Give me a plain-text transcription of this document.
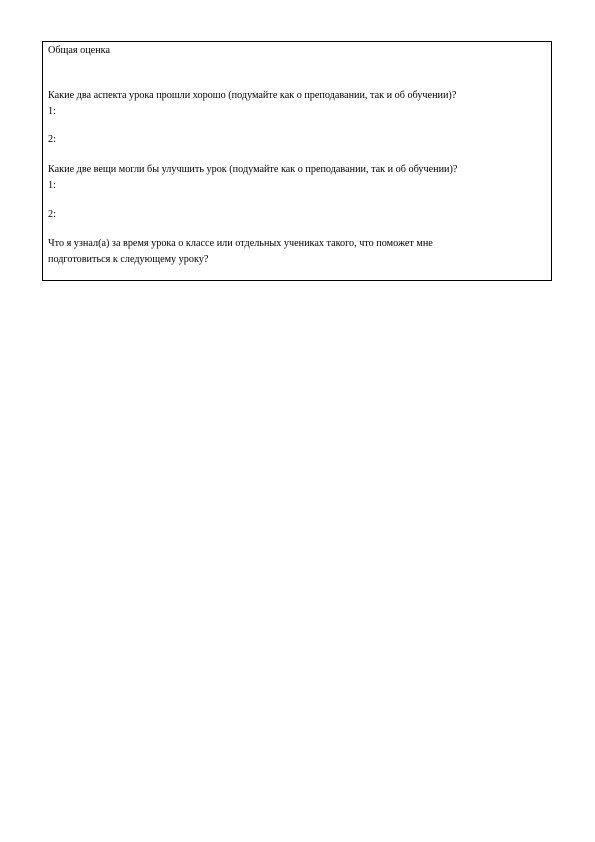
Общая оценка
Какие два аспекта урока прошли хорошо (подумайте как о преподавании, так и об обучении)?
1:
2:
Какие две вещи могли бы улучшить урок (подумайте как о преподавании, так и об обучении)?
1:
2:
Что я узнал(а) за время урока о классе или отдельных учениках такого, что поможет мне
подготовиться к следующему уроку?
